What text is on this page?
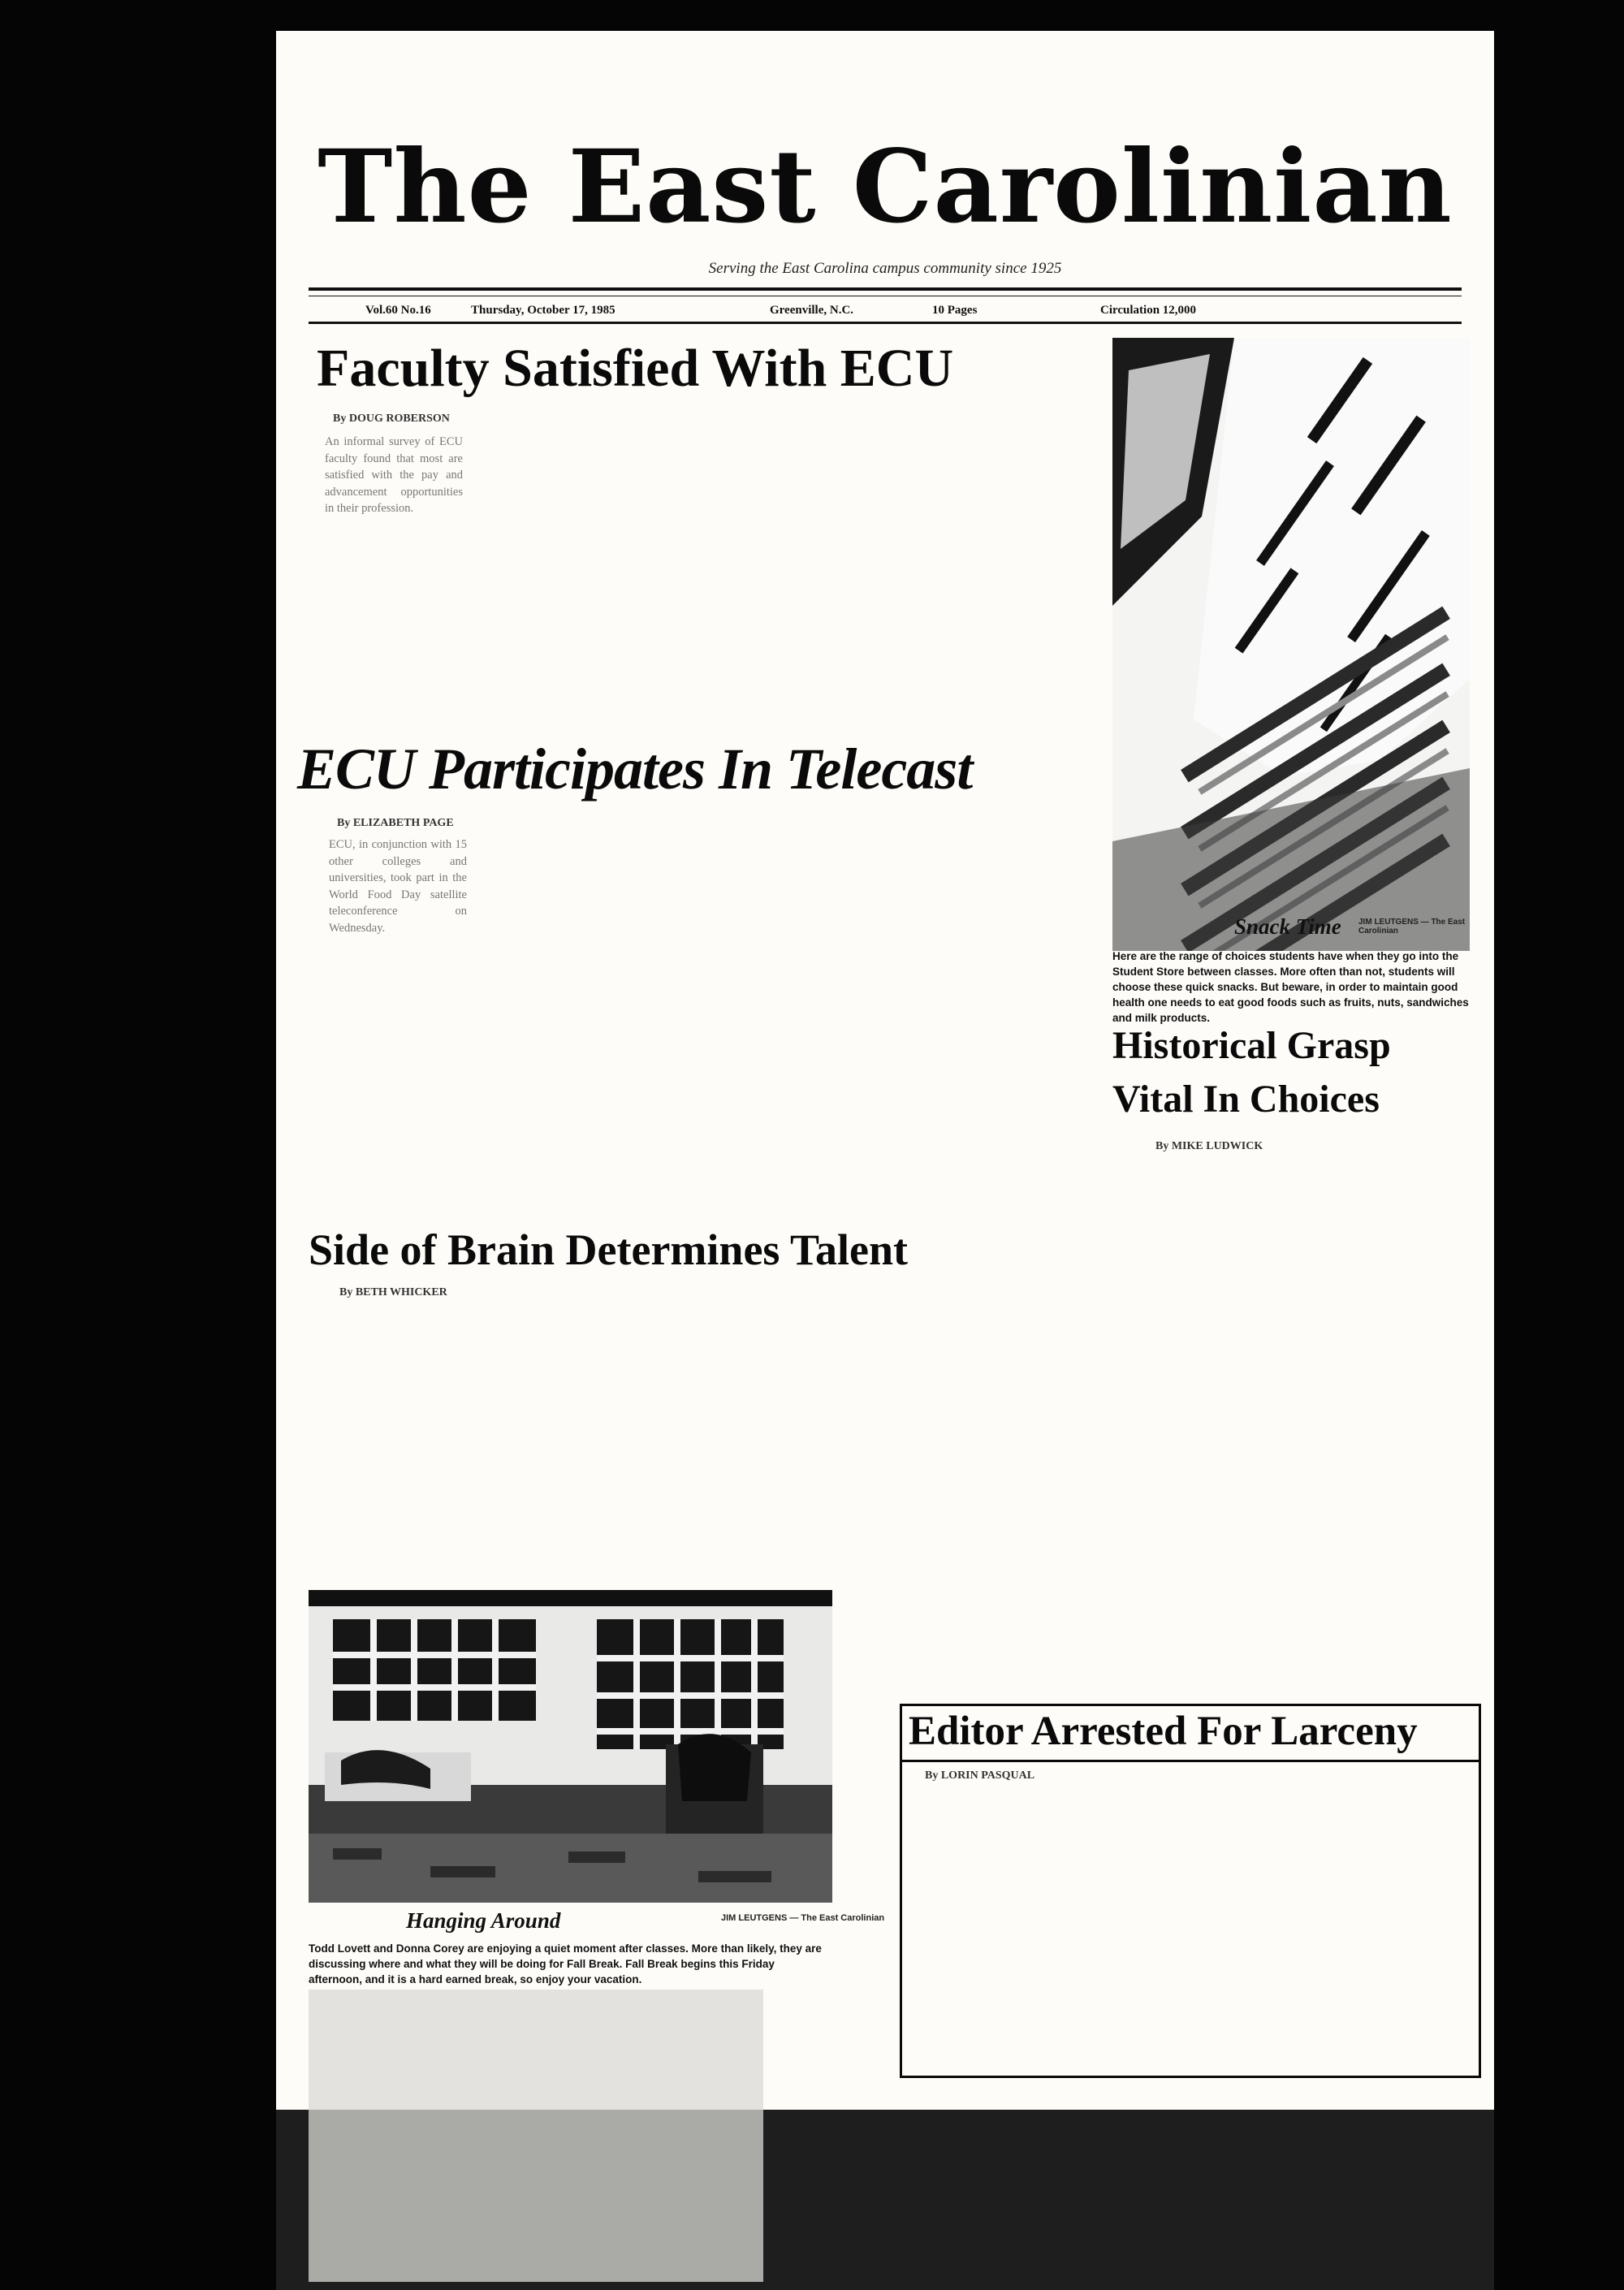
The East Carolinian
Serving the East Carolina campus community since 1925
Vol.60 No.16	Thursday, October 17, 1985	Greenville, N.C.	10 Pages	Circulation 12,000
Faculty Satisfied With ECU
By DOUG ROBERSON
An informal survey of ECU faculty found that most are satisfied with the pay and advancement opportunities in their profession.
ECU Participates In Telecast
By ELIZABETH PAGE
ECU, in conjunction with 15 other colleges and universities, took part in the World Food Day satellite teleconference on Wednesday.	Snack Time JIM LEUTGENS — The East Carolinian
Here are the range of choices students have when they go into the Student Store between classes. More often than not, students will choose these quick snacks. But beware, in order to maintain good health one needs to eat good foods such as fruits, nuts, sandwiches and milk products.
Historical Grasp
Vital In Choices
By MIKE LUDWICK
Side of Brain Determines Talent
By BETH WHICKER
Hanging Around	JIM LEUTGENS — The East Carolinian
Todd Lovett and Donna Corey are enjoying a quiet moment after classes. More than likely, they are discussing where and what they will be doing for Fall Break. Fall Break begins this Friday afternoon, and it is a hard earned break, so enjoy your vacation.
Editor Arrested For Larceny
By LORIN PASQUAL
